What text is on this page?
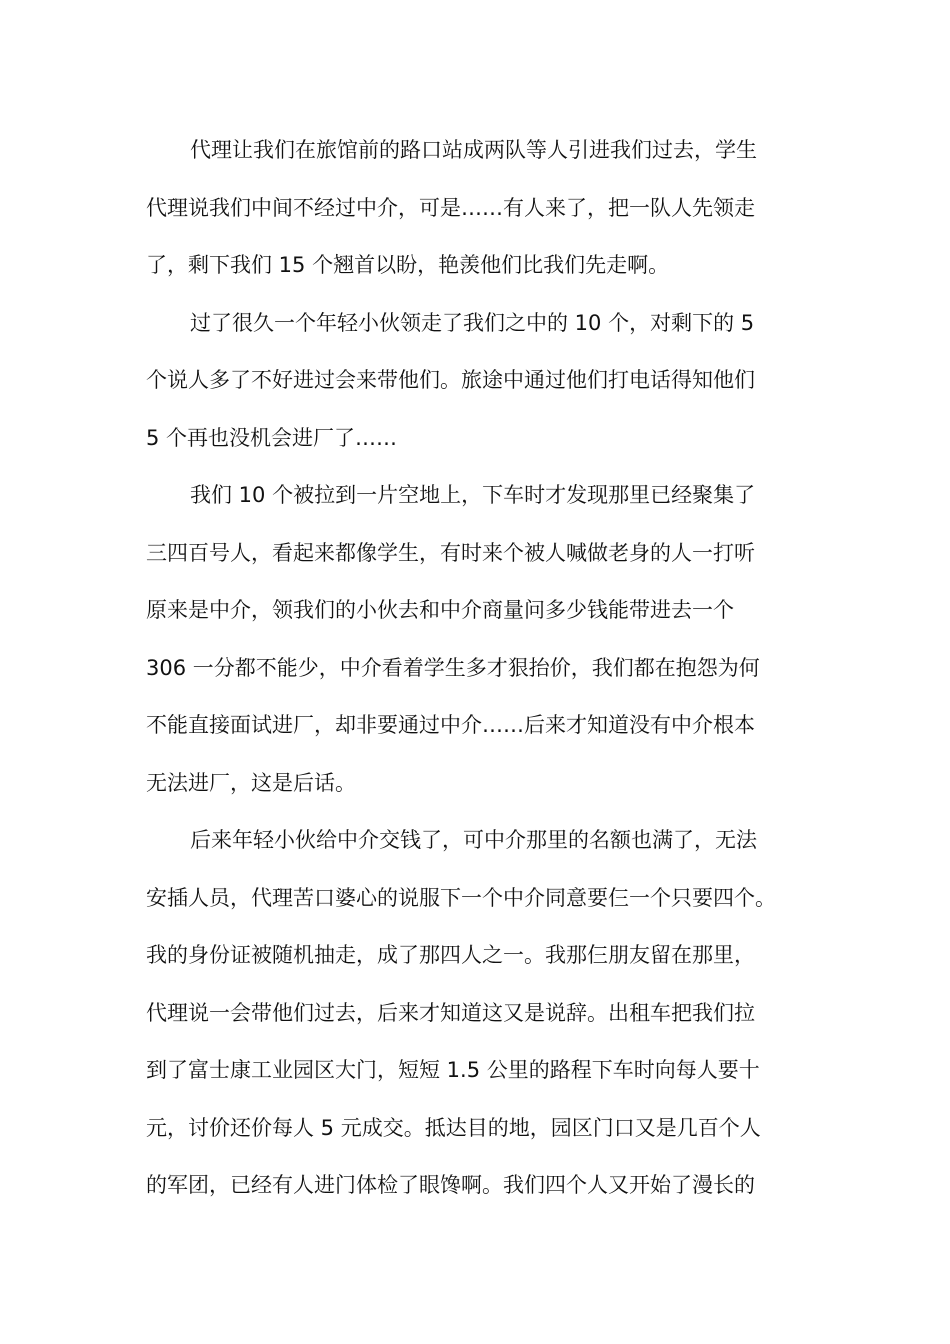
代理让我们在旅馆前的路口站成两队等人引进我们过去，学生
代理说我们中间不经过中介，可是……有人来了，把一队人先领走
了，剩下我们 15 个翘首以盼，艳羡他们比我们先走啊。
过了很久一个年轻小伙领走了我们之中的 10 个，对剩下的 5
个说人多了不好进过会来带他们。旅途中通过他们打电话得知他们
5 个再也没机会进厂了……
我们 10 个被拉到一片空地上，下车时才发现那里已经聚集了
三四百号人，看起来都像学生，有时来个被人喊做老身的人一打听
原来是中介，领我们的小伙去和中介商量问多少钱能带进去一个
306 一分都不能少，中介看着学生多才狠抬价，我们都在抱怨为何
不能直接面试进厂，却非要通过中介……后来才知道没有中介根本
无法进厂，这是后话。
后来年轻小伙给中介交钱了，可中介那里的名额也满了，无法
安插人员，代理苦口婆心的说服下一个中介同意要仨一个只要四个。
我的身份证被随机抽走，成了那四人之一。我那仨朋友留在那里，
代理说一会带他们过去，后来才知道这又是说辞。出租车把我们拉
到了富士康工业园区大门，短短 1.5 公里的路程下车时向每人要十
元，讨价还价每人 5 元成交。抵达目的地，园区门口又是几百个人
的军团，已经有人进门体检了眼馋啊。我们四个人又开始了漫长的
